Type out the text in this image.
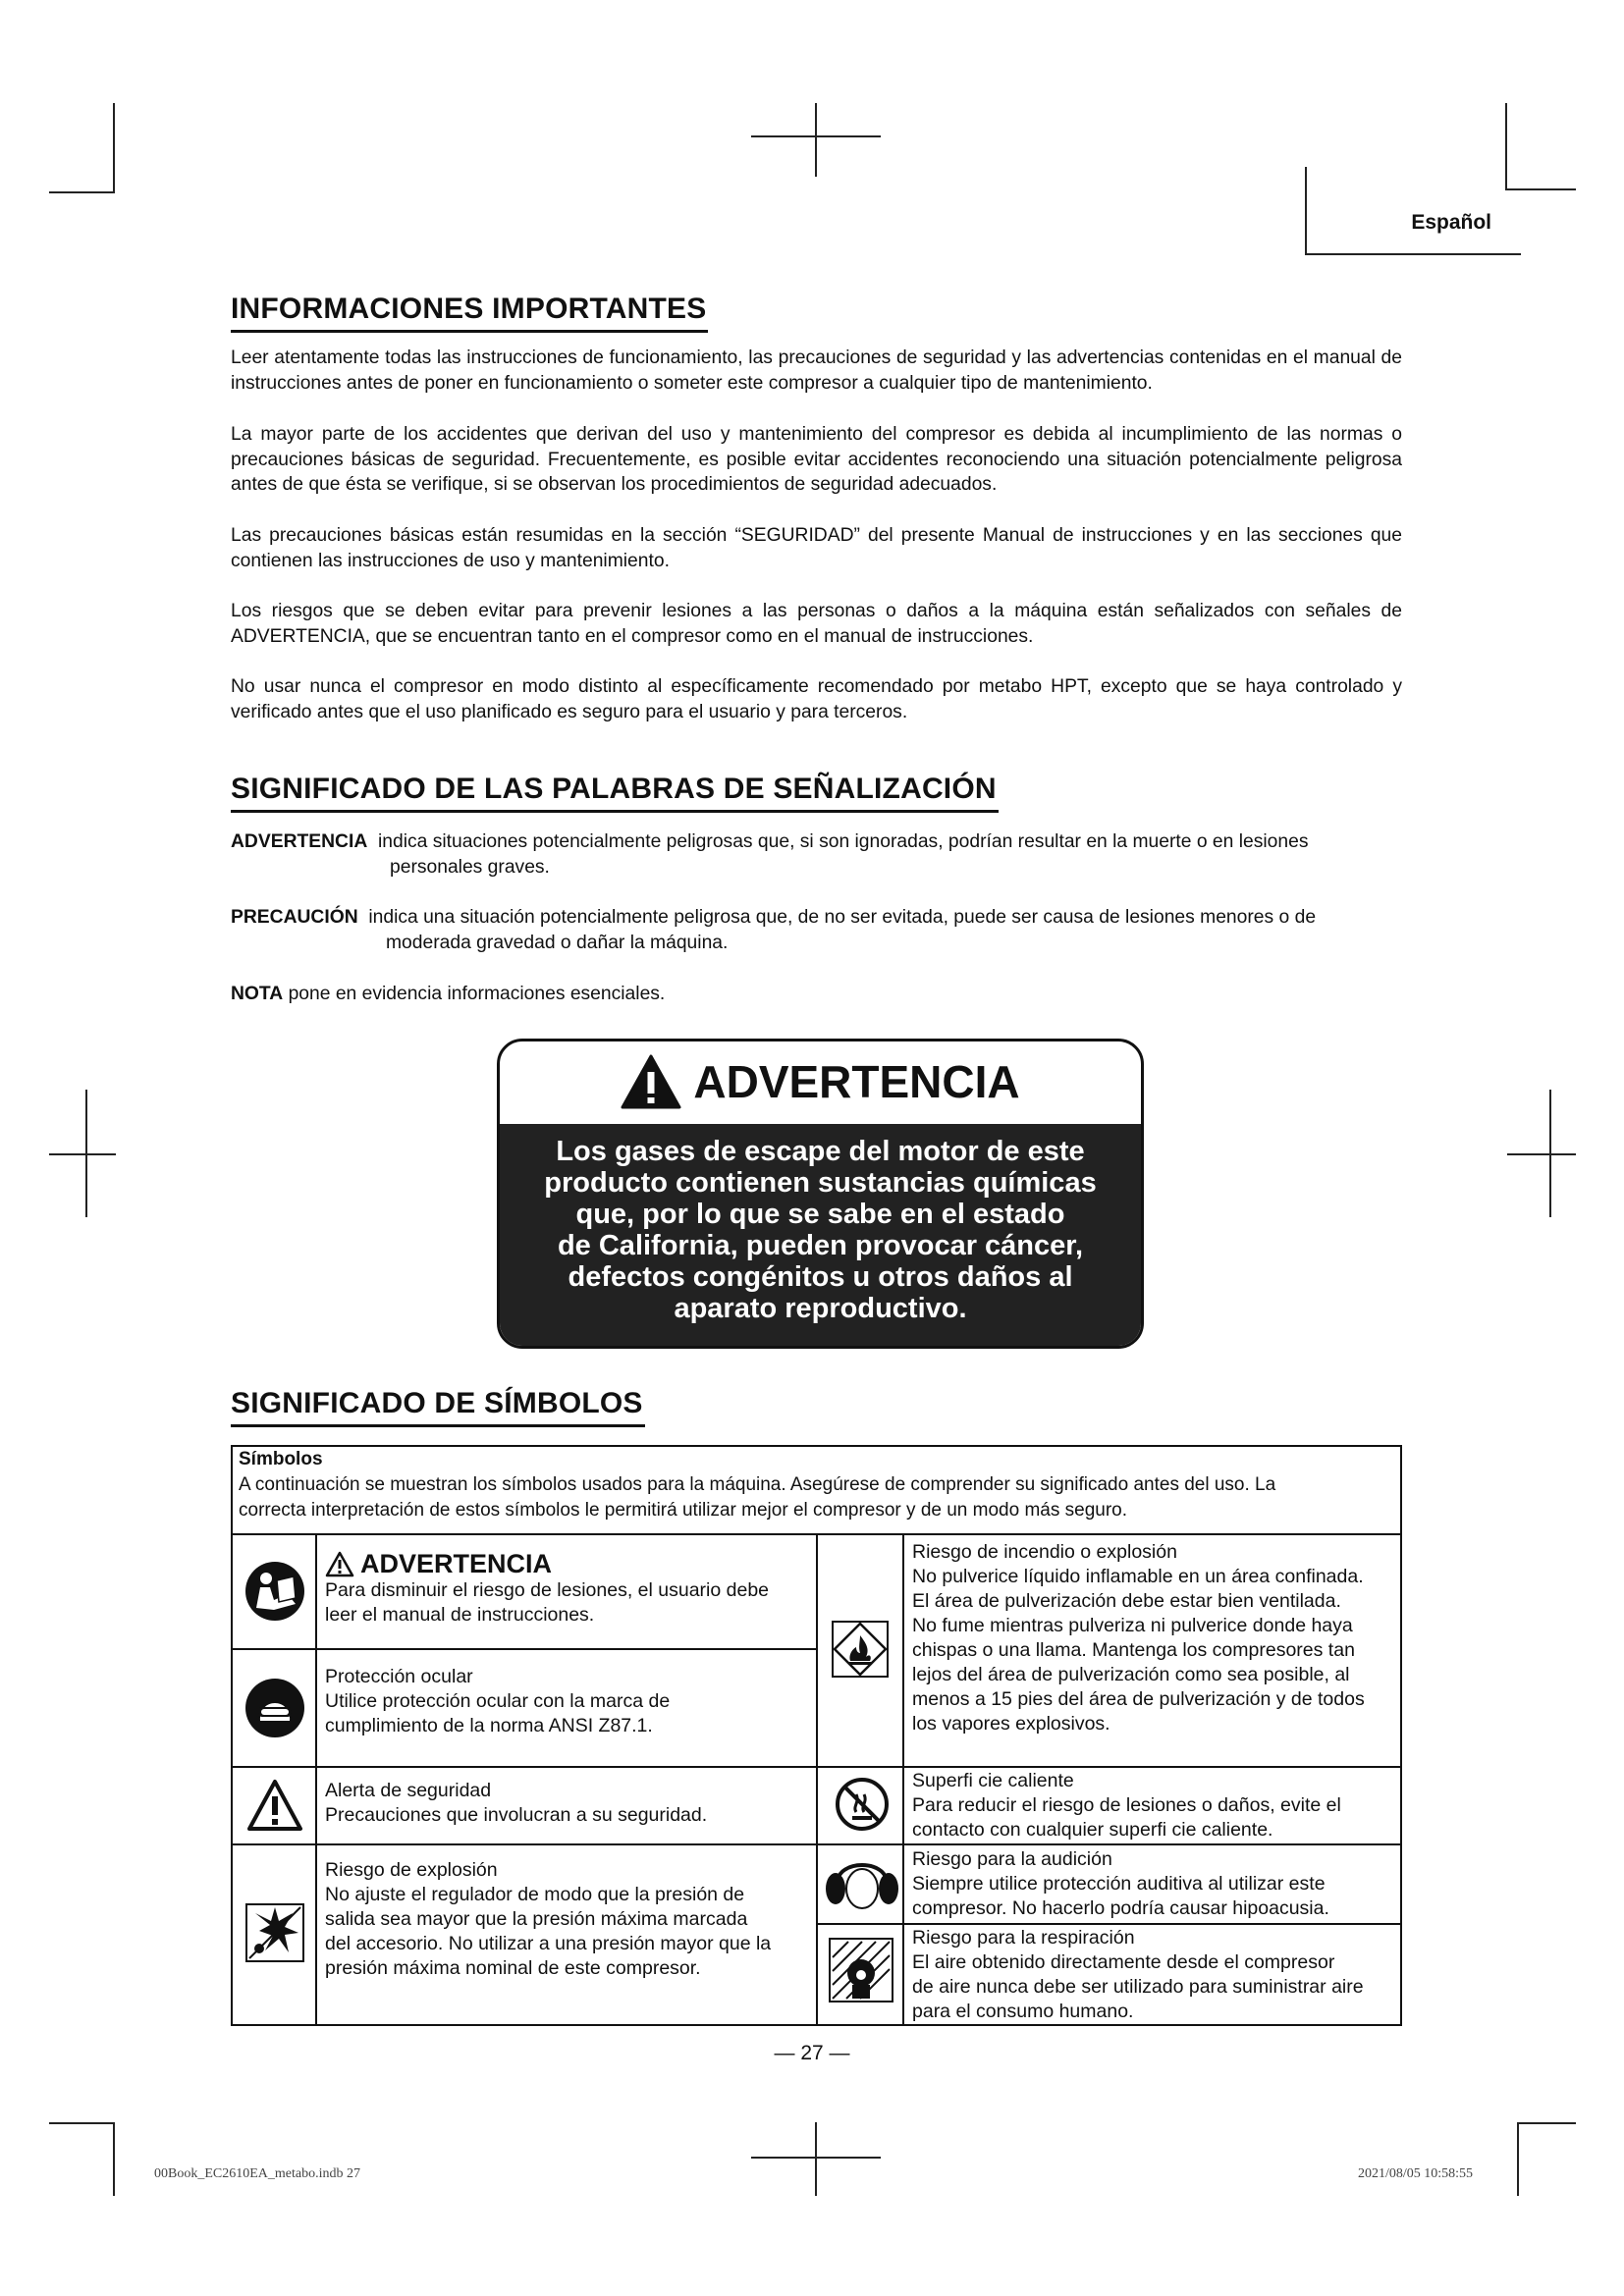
Español
INFORMACIONES IMPORTANTES
Leer atentamente todas las instrucciones de funcionamiento, las precauciones de seguridad y las advertencias contenidas en el manual de instrucciones antes de poner en funcionamiento o someter este compresor a cualquier tipo de mantenimiento.
La mayor parte de los accidentes que derivan del uso y mantenimiento del compresor es debida al incumplimiento de las normas o precauciones básicas de seguridad. Frecuentemente, es posible evitar accidentes reconociendo una situación potencialmente peligrosa antes de que ésta se verifique, si se observan los procedimientos de seguridad adecuados.
Las precauciones básicas están resumidas en la sección “SEGURIDAD” del presente Manual de instrucciones y en las secciones que contienen las instrucciones de uso y mantenimiento.
Los riesgos que se deben evitar para prevenir lesiones a las personas o daños a la máquina están señalizados con señales de ADVERTENCIA, que se encuentran tanto en el compresor como en el manual de instrucciones.
No usar nunca el compresor en modo distinto al específicamente recomendado por metabo HPT, excepto que se haya controlado y verificado antes que el uso planificado es seguro para el usuario y para terceros.
SIGNIFICADO DE LAS PALABRAS DE SEÑALIZACIÓN
ADVERTENCIA indica situaciones potencialmente peligrosas que, si son ignoradas, podrían resultar en la muerte o en lesiones
personales graves.
PRECAUCIÓN indica una situación potencialmente peligrosa que, de no ser evitada, puede ser causa de lesiones menores o de
moderada gravedad o dañar la máquina.
NOTA pone en evidencia informaciones esenciales.
ADVERTENCIA
Los gases de escape del motor de este
producto contienen sustancias químicas
que, por lo que se sabe en el estado
de California, pueden provocar cáncer,
defectos congénitos u otros daños al
aparato reproductivo.
SIGNIFICADO DE SÍMBOLOS
Símbolos
A continuación se muestran los símbolos usados para la máquina. Asegúrese de comprender su significado antes del uso. La
correcta interpretación de estos símbolos le permitirá utilizar mejor el compresor y de un modo más seguro.
ADVERTENCIA
Para disminuir el riesgo de lesiones, el usuario debe
leer el manual de instrucciones.
Protección ocular
Utilice protección ocular con la marca de
cumplimiento de la norma ANSI Z87.1.
Alerta de seguridad
Precauciones que involucran a su seguridad.
Riesgo de explosión
No ajuste el regulador de modo que la presión de
salida sea mayor que la presión máxima marcada
del accesorio. No utilizar a una presión mayor que la
presión máxima nominal de este compresor.
Riesgo de incendio o explosión
No pulverice líquido inflamable en un área confinada.
El área de pulverización debe estar bien ventilada.
No fume mientras pulveriza ni pulverice donde haya
chispas o una llama. Mantenga los compresores tan
lejos del área de pulverización como sea posible, al
menos a 15 pies del área de pulverización y de todos
los vapores explosivos.
Superfi cie caliente
Para reducir el riesgo de lesiones o daños, evite el
contacto con cualquier superfi cie caliente.
Riesgo para la audición
Siempre utilice protección auditiva al utilizar este
compresor. No hacerlo podría causar hipoacusia.
Riesgo para la respiración
El aire obtenido directamente desde el compresor
de aire nunca debe ser utilizado para suministrar aire
para el consumo humano.
— 27 —
00Book_EC2610EA_metabo.indb 27	2021/08/05 10:58:55
